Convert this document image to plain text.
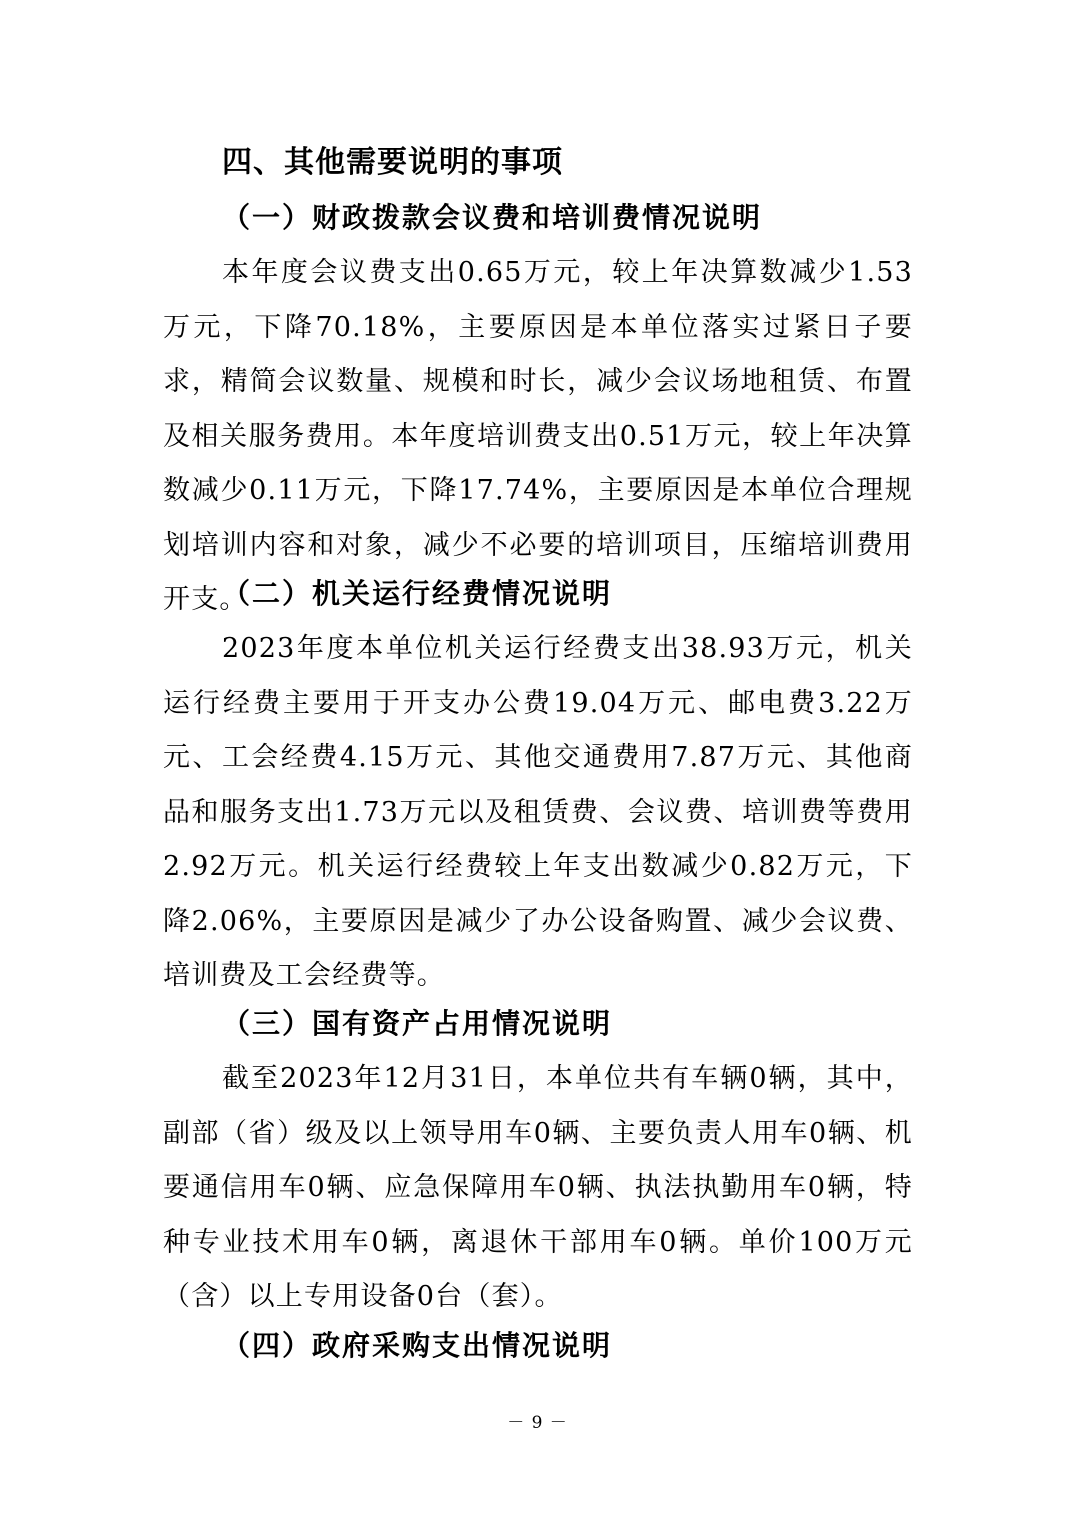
四、其他需要说明的事项
（一）财政拨款会议费和培训费情况说明

本年度会议费支出0.65万元，较上年决算数减少1.53万元，下降70.18%，主要原因是本单位落实过紧日子要求，精简会议数量、规模和时长，减少会议场地租赁、布置及相关服务费用。本年度培训费支出0.51万元，较上年决算数减少0.11万元，下降17.74%，主要原因是本单位合理规划培训内容和对象，减少不必要的培训项目，压缩培训费用开支。

（二）机关运行经费情况说明

2023年度本单位机关运行经费支出38.93万元，机关运行经费主要用于开支办公费19.04万元、邮电费3.22万元、工会经费4.15万元、其他交通费用7.87万元、其他商品和服务支出1.73万元以及租赁费、会议费、培训费等费用2.92万元。机关运行经费较上年支出数减少0.82万元，下降2.06%，主要原因是减少了办公设备购置、减少会议费、培训费及工会经费等。

（三）国有资产占用情况说明

截至2023年12月31日，本单位共有车辆0辆，其中，副部（省）级及以上领导用车0辆、主要负责人用车0辆、机要通信用车0辆、应急保障用车0辆、执法执勤用车0辆，特种专业技术用车0辆，离退休干部用车0辆。单价100万元（含）以上专用设备0台（套）。

（四）政府采购支出情况说明
－ 9 －
